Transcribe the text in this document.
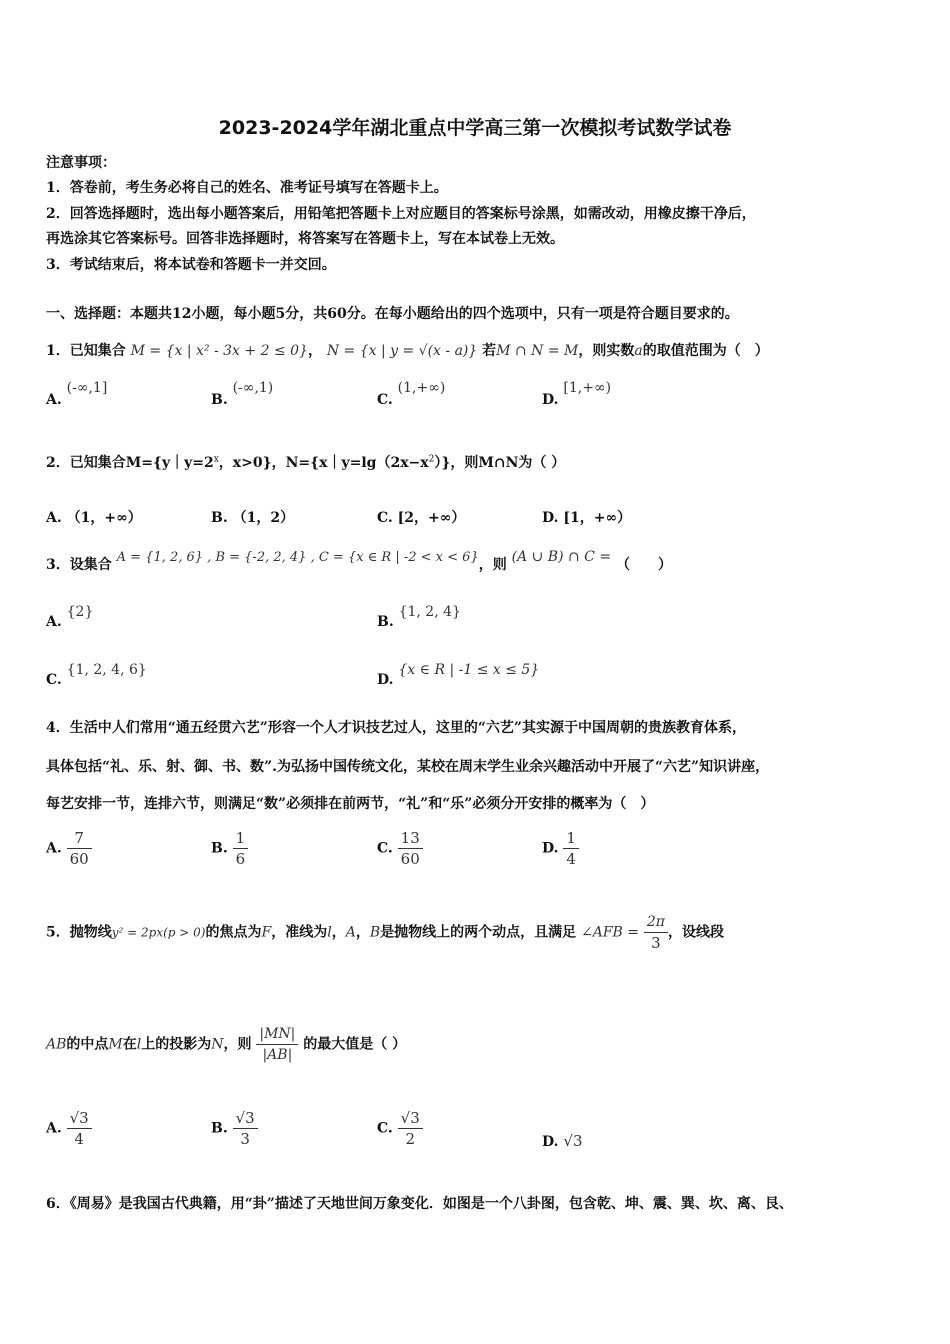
2023-2024学年湖北重点中学高三第一次模拟考试数学试卷
注意事项：
1．答卷前，考生务必将自己的姓名、准考证号填写在答题卡上。
2．回答选择题时，选出每小题答案后，用铅笔把答题卡上对应题目的答案标号涂黑，如需改动，用橡皮擦干净后，
再选涂其它答案标号。回答非选择题时，将答案写在答题卡上，写在本试卷上无效。
3．考试结束后，将本试卷和答题卡一并交回。
一、选择题：本题共12小题，每小题5分，共60分。在每小题给出的四个选项中，只有一项是符合题目要求的。
1．已知集合 M = {x | x² - 3x + 2 ≤ 0}， N = {x | y = √(x - a)} 若M ∩ N = M，则实数a的取值范围为（　）
A. (-∞,1]
B. (-∞,1)
C. (1,+∞)
D. [1,+∞)
2．已知集合$M=\{y|y=2^x$，x>0}，$N=\{x|y=\lg(2x-x^2)\}$，则M∩N为（ ）
A. （1，+∞）	B. （1，2）	C. [2，+∞）	D. [1，+∞）
3．设集合 A = {1, 2, 6} , B = {-2, 2, 4} , C = {x ∈ R | -2 < x < 6}，则 (A ∪ B) ∩ C = （　　）
A. {2}
B. {1, 2, 4}
C. {1, 2, 4, 6}
D. {x ∈ R | -1 ≤ x ≤ 5}
4．生活中人们常用“通五经贯六艺”形容一个人才识技艺过人，这里的“六艺”其实源于中国周朝的贵族教育体系，
具体包括“礼、乐、射、御、书、数”.为弘扬中国传统文化，某校在周末学生业余兴趣活动中开展了“六艺”知识讲座，
每艺安排一节，连排六节，则满足“数”必须排在前两节，“礼”和“乐”必须分开安排的概率为（　）
A. $\frac{7}{60}$	B. $\frac{1}{6}$	C. $\frac{13}{60}$	D. $\frac{1}{4}$
5．抛物线y² = 2px(p > 0)的焦点为F，准线为l，A，B是抛物线上的两个动点，且满足 ∠AFB = $\frac{2\pi}{3}$ ，设线段
AB的中点M在l上的投影为N，则 $\frac{|MN|}{|AB|}$ 的最大值是（ ）
A. $\frac{√3}{4}$	B. $\frac{√3}{3}$	C. $\frac{√3}{2}$	D. √3
6．《周易》是我国古代典籍，用“卦”描述了天地世间万象变化．如图是一个八卦图，包含乾、坤、震、巽、坎、离、艮、
